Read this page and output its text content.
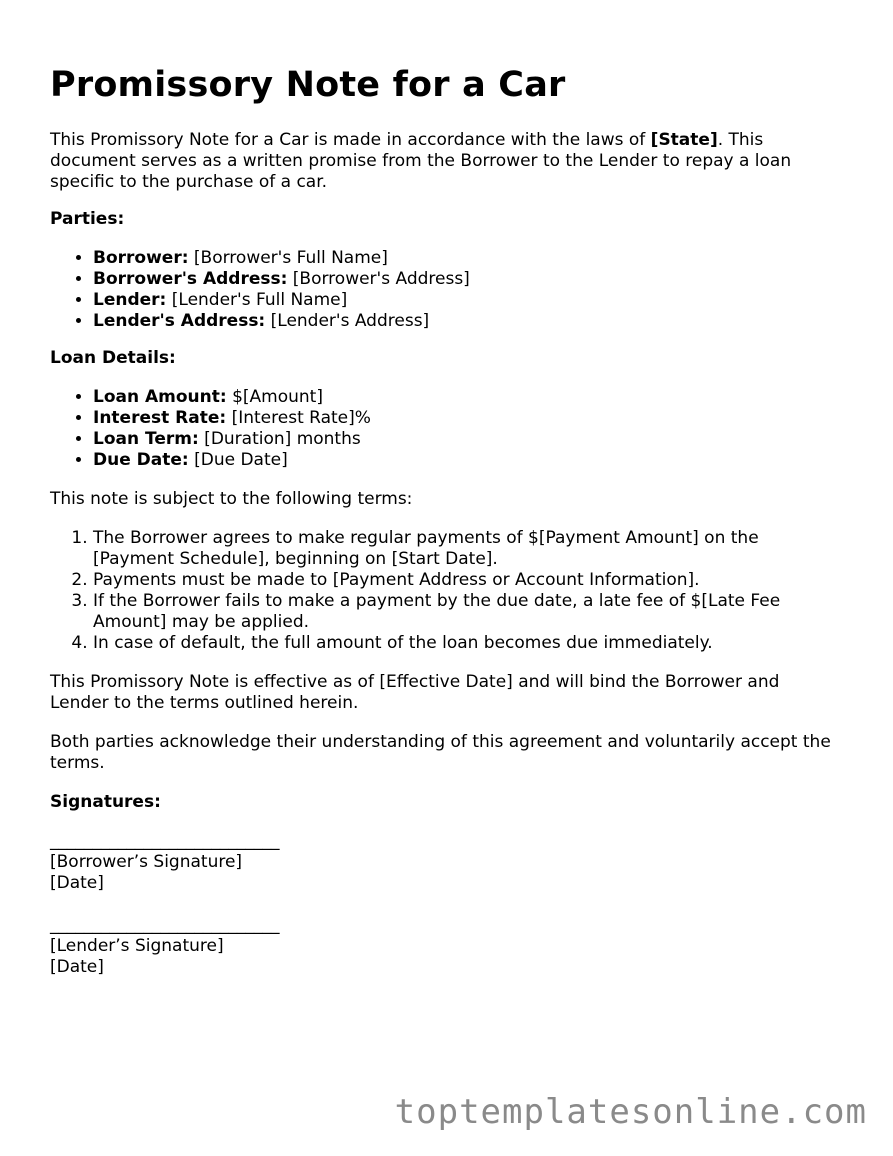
Promissory Note for a Car

This Promissory Note for a Car is made in accordance with the laws of [State]. This document serves as a written promise from the Borrower to the Lender to repay a loan specific to the purchase of a car.

Parties:

• Borrower: [Borrower's Full Name]
• Borrower's Address: [Borrower's Address]
• Lender: [Lender's Full Name]
• Lender's Address: [Lender's Address]

Loan Details:

• Loan Amount: $[Amount]
• Interest Rate: [Interest Rate]%
• Loan Term: [Duration] months
• Due Date: [Due Date]

This note is subject to the following terms:

1. The Borrower agrees to make regular payments of $[Payment Amount] on the [Payment Schedule], beginning on [Start Date].
2. Payments must be made to [Payment Address or Account Information].
3. If the Borrower fails to make a payment by the due date, a late fee of $[Late Fee Amount] may be applied.
4. In case of default, the full amount of the loan becomes due immediately.

This Promissory Note is effective as of [Effective Date] and will bind the Borrower and Lender to the terms outlined herein.

Both parties acknowledge their understanding of this agreement and voluntarily accept the terms.

Signatures:

___________________________
[Borrower’s Signature]
[Date]
___________________________
[Lender’s Signature]
[Date]
toptemplatesonline.com
